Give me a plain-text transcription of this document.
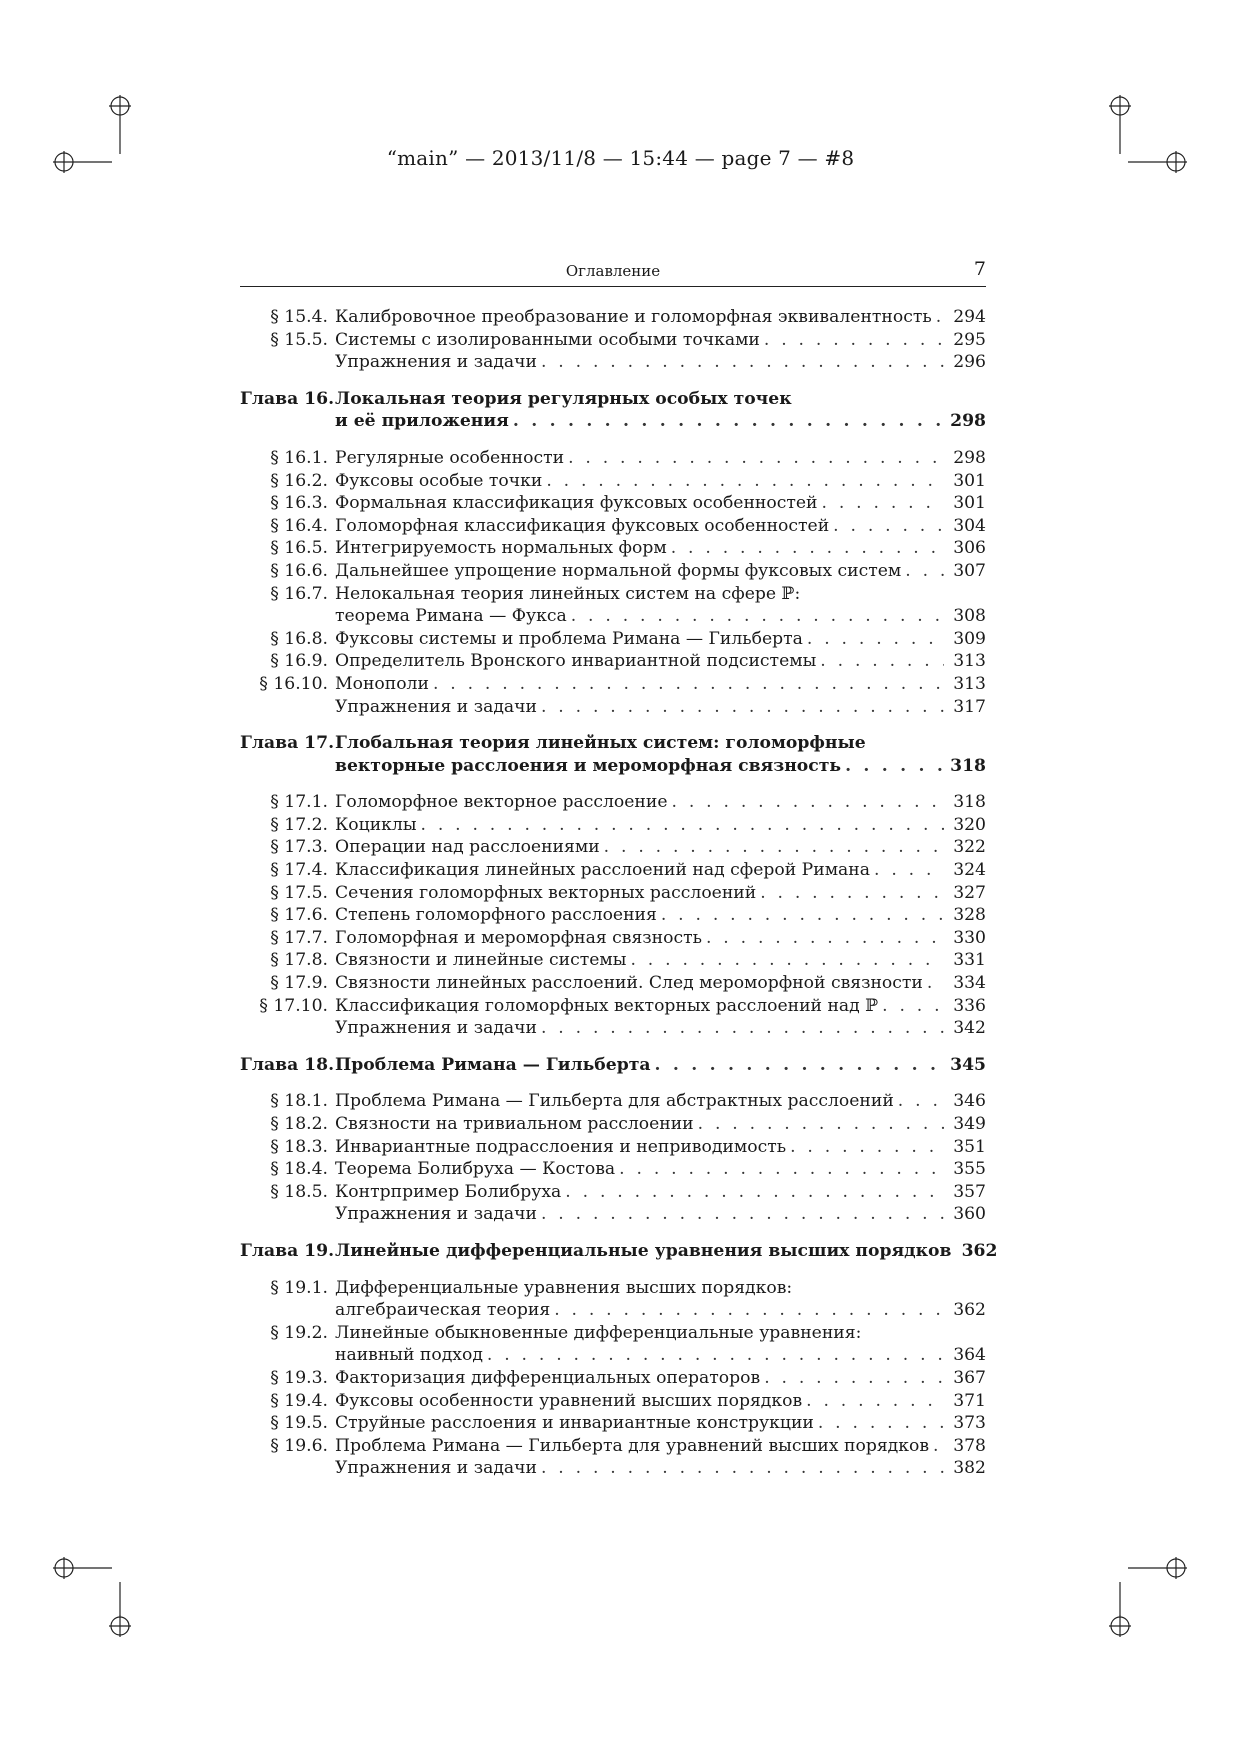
“main” — 2013/11/8 — 15:44 — page 7 — #8
Оглавление	7
§ 15.4. Калибровочное преобразование и голоморфная эквивалентность . . .	294
§ 15.5. Системы с изолированными особыми точками . . .	295
Упражнения и задачи . . .	296
Глава 16. Локальная теория регулярных особых точек
и её приложения . . .	298
§ 16.1. Регулярные особенности . . .	298
§ 16.2. Фуксовы особые точки . . .	301
§ 16.3. Формальная классификация фуксовых особенностей . . .	301
§ 16.4. Голоморфная классификация фуксовых особенностей . . .	304
§ 16.5. Интегрируемость нормальных форм . . .	306
§ 16.6. Дальнейшее упрощение нормальной формы фуксовых систем . . .	307
§ 16.7. Нелокальная теория линейных систем на сфере ℙ:
теорема Римана — Фукса . . .	308
§ 16.8. Фуксовы системы и проблема Римана — Гильберта . . .	309
§ 16.9. Определитель Вронского инвариантной подсистемы . . .	313
§ 16.10. Монополи . . .	313
Упражнения и задачи . . .	317
Глава 17. Глобальная теория линейных систем: голоморфные
векторные расслоения и мероморфная связность . . .	318
§ 17.1. Голоморфное векторное расслоение . . .	318
§ 17.2. Коциклы . . .	320
§ 17.3. Операции над расслоениями . . .	322
§ 17.4. Классификация линейных расслоений над сферой Римана . . .	324
§ 17.5. Сечения голоморфных векторных расслоений . . .	327
§ 17.6. Степень голоморфного расслоения . . .	328
§ 17.7. Голоморфная и мероморфная связность . . .	330
§ 17.8. Связности и линейные системы . . .	331
§ 17.9. Связности линейных расслоений. След мероморфной связности . . .	334
§ 17.10. Классификация голоморфных векторных расслоений над ℙ . . .	336
Упражнения и задачи . . .	342
Глава 18. Проблема Римана — Гильберта . . .	345
§ 18.1. Проблема Римана — Гильберта для абстрактных расслоений . . .	346
§ 18.2. Связности на тривиальном расслоении . . .	349
§ 18.3. Инвариантные подрасслоения и неприводимость . . .	351
§ 18.4. Теорема Болибруха — Костова . . .	355
§ 18.5. Контрпример Болибруха . . .	357
Упражнения и задачи . . .	360
Глава 19. Линейные дифференциальные уравнения высших порядков 362
§ 19.1. Дифференциальные уравнения высших порядков:
алгебраическая теория . . .	362
§ 19.2. Линейные обыкновенные дифференциальные уравнения:
наивный подход . . .	364
§ 19.3. Факторизация дифференциальных операторов . . .	367
§ 19.4. Фуксовы особенности уравнений высших порядков . . .	371
§ 19.5. Струйные расслоения и инвариантные конструкции . . .	373
§ 19.6. Проблема Римана — Гильберта для уравнений высших порядков . . .	378
Упражнения и задачи . . .	382
